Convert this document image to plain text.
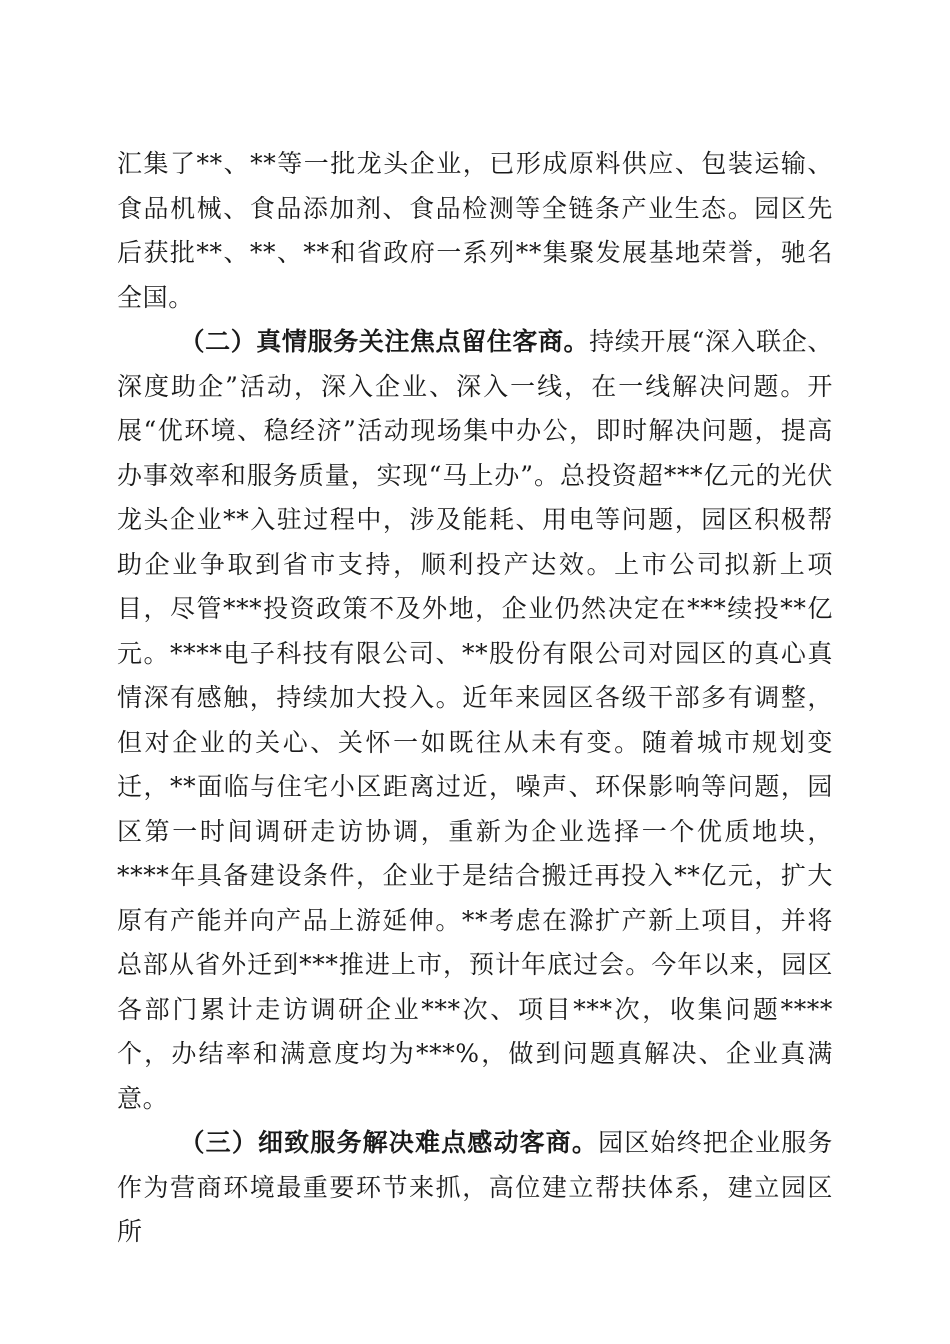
汇集了**、**等一批龙头企业，已形成原料供应、包装运输、食品机械、食品添加剂、食品检测等全链条产业生态。园区先后获批**、**、**和省政府一系列**集聚发展基地荣誉，驰名全国。

（二）真情服务关注焦点留住客商。持续开展“深入联企、深度助企”活动，深入企业、深入一线，在一线解决问题。开展“优环境、稳经济”活动现场集中办公，即时解决问题，提高办事效率和服务质量，实现“马上办”。总投资超***亿元的光伏龙头企业**入驻过程中，涉及能耗、用电等问题，园区积极帮助企业争取到省市支持，顺利投产达效。上市公司拟新上项目，尽管***投资政策不及外地，企业仍然决定在***续投**亿元。****电子科技有限公司、**股份有限公司对园区的真心真情深有感触，持续加大投入。近年来园区各级干部多有调整，但对企业的关心、关怀一如既往从未有变。随着城市规划变迁，**面临与住宅小区距离过近，噪声、环保影响等问题，园区第一时间调研走访协调，重新为企业选择一个优质地块，****年具备建设条件，企业于是结合搬迁再投入**亿元，扩大原有产能并向产品上游延伸。**考虑在滁扩产新上项目，并将总部从省外迁到***推进上市，预计年底过会。今年以来，园区各部门累计走访调研企业***次、项目***次，收集问题****个，办结率和满意度均为***%，做到问题真解决、企业真满意。

（三）细致服务解决难点感动客商。园区始终把企业服务作为营商环境最重要环节来抓，高位建立帮扶体系，建立园区所
